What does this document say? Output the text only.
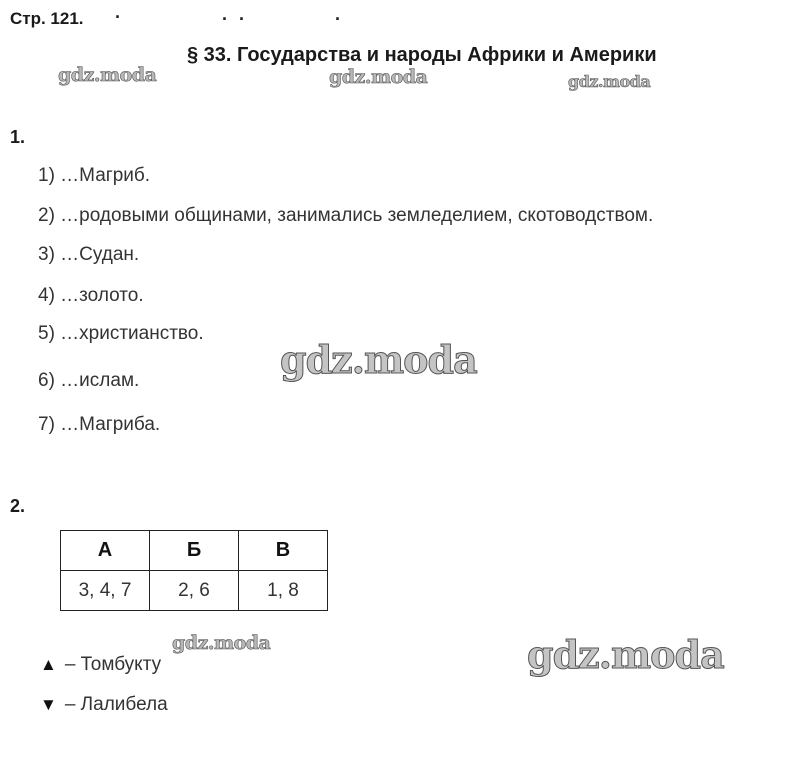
Стр. 121. .	..	.
§ 33. Государства и народы Африки и Америки
gdz.moda	gdz.moda	gdz.moda
gdz.moda
gdz.moda	gdz.moda
1.
1) …Магриб.
2) …родовыми общинами, занимались земледелием, скотоводством.
3) …Судан.
4) …золото.
5) …христианство.
6) …ислам.
7) …Магриба.
2.
А	Б	В
3, 4, 7	2, 6	1, 8
▲ – Томбукту
▼ – Лалибела
